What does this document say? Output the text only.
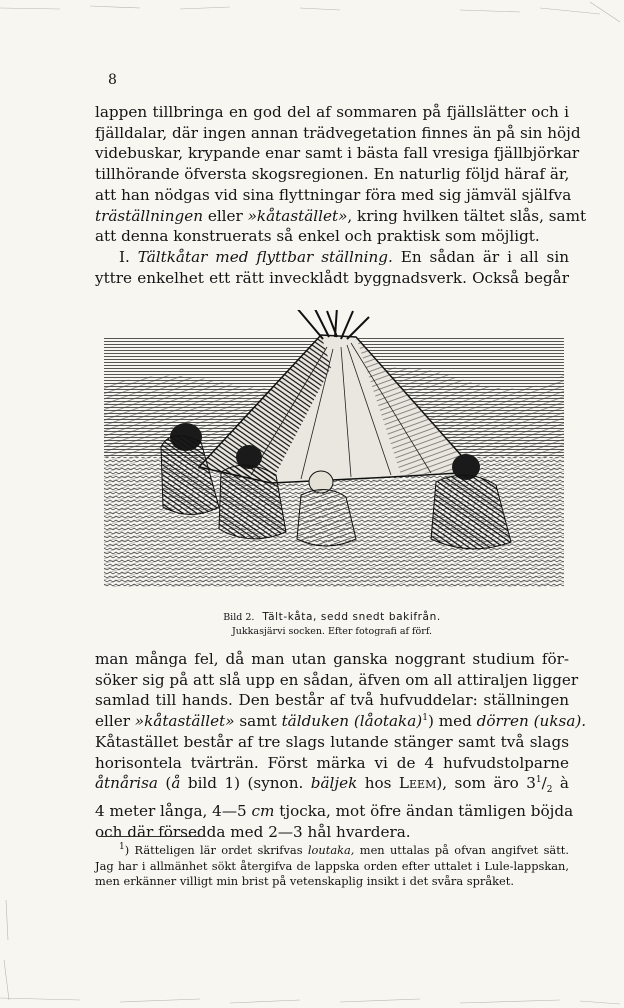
8
lappen tillbringa en god del af sommaren på fjällslätter och i
fjälldalar, där ingen annan trädvegetation finnes än på sin höjd
videbuskar, krypande enar samt i bästa fall vresiga fjällbjörkar
tillhörande öfversta skogsregionen. En naturlig följd häraf är,
att han nödgas vid sina flyttningar föra med sig jämväl själfva
träställningen eller »kåtastället», kring hvilken tältet slås, samt
att denna konstruerats så enkel och praktisk som möjligt.
I. Tältkåtar med flyttbar ställning. En sådan är i all sin
yttre enkelhet ett rätt invecklådt byggnadsverk. Också begår

Bild 2. Tält-kåta, sedd snedt bakifrån.

Jukkasjärvi socken. Efter fotografi af förf.

man många fel, då man utan ganska noggrant studium för-
söker sig på att slå upp en sådan, äfven om all attiraljen ligger
samlad till hands. Den består af två hufvuddelar: ställningen
eller »kåtastället» samt tälduken (låotaka)$^1$) med dörren (uksa).
Kåtastället består af tre slags lutande stänger samt två slags
horisontela tvärträn. Först märka vi de 4 hufvudstolparne
åtnårisa (å bild 1) (synon. bäljek hos Leem), som äro $3^1/_2$ à
4 meter långa, 4—5 cm tjocka, mot öfre ändan tämligen böjda
och där försedda med 2—3 hål hvardera.
$^1$) Rätteligen lär ordet skrifvas loutaka, men uttalas på ofvan angifvet sätt.
Jag har i allmänhet sökt återgifva de lappska orden efter uttalet i Lule-lappskan,
men erkänner villigt min brist på vetenskaplig insikt i det svåra språket.
